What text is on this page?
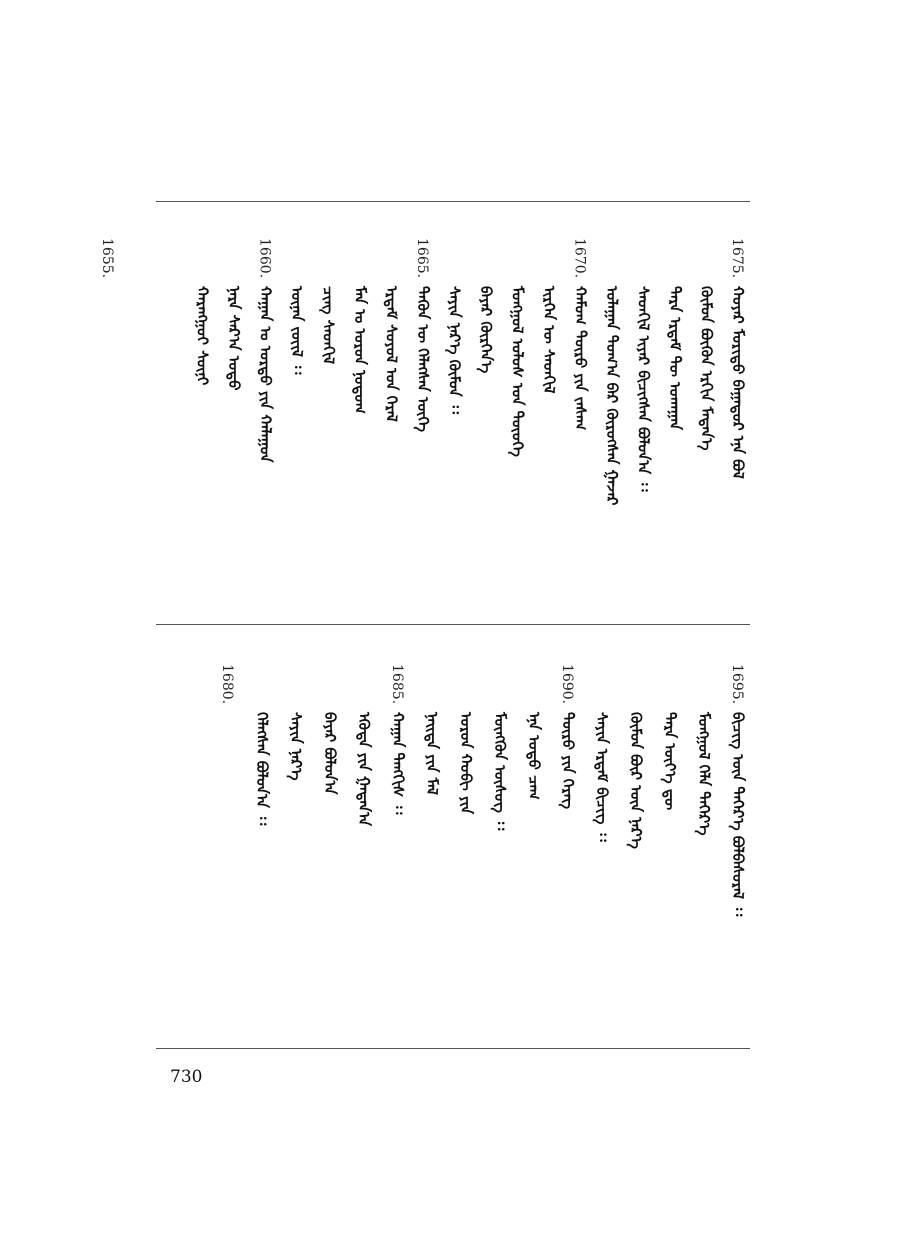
ᠬᠣᠶᠠᠷ ᠮᠣᠷᠢᠲᠤ ᠪᠠᠭᠠᠲᠤᠷ ᠡᠨᠡ ᠪᠣᠯ
ᠬᠦᠮᠦᠨ ᠪᠦᠬᠦᠨ ᠡᠷᠭᠢᠨ ᠮᠡᠳᠡᠨ᠎ᠡ
ᠲᠡᠷᠡ ᠡᠷᠳᠡᠮ ᠲᠦ ᠤᠬᠠᠭᠠᠨ
ᠰᠡᠳᠬᠢᠯ ᠢᠶᠡᠷ ᠪᠢᠴᠢᠭᠰᠡᠨ ᠪᠣᠯᠣᠨ᠎ᠠ ᠄᠄
ᠤᠯᠠᠭᠠᠨ ᠲᠣᠭ᠎ᠠ ᠪᠡᠷ ᠬᠦᠷᠦᠭᠰᠡᠨ ᠭᠠᠵᠠᠷ
ᠬᠠᠮᠤᠭ ᠲᠥᠷᠥ ᠶᠢᠨ ᠵᠠᠰᠠᠭ
ᠢᠷᠭᠡᠨ ᠦ ᠰᠡᠳᠬᠢᠯ
ᠮᠣᠩᠭᠣᠯ ᠤᠯᠤᠰ ᠤᠨ ᠲᠦᠦᠬᠡ
ᠪᠠᠶᠠᠷ ᠬᠦᠷᠭᠡᠨ᠎ᠡ
ᠰᠠᠶᠢᠨ ᠨᠡᠷ᠎ᠡ ᠬᠦᠮᠦᠨ ᠄᠄
ᠲᠡᠭᠦᠨ ᠦ ᠬᠡᠯᠡᠭᠰᠡᠨ ᠦᠭᠡ
ᠡᠷᠳᠡᠮ ᠰᠣᠶᠣᠯ ᠤᠨ ᠭᠡᠷᠡᠯ
ᠮᠠᠨ ᠤ ᠣᠷᠣᠨ ᠨᠤᠲᠤᠭ
ᠴᠢᠩ ᠰᠡᠳᠬᠢᠯ
ᠦᠨᠡᠨ ᠵᠦᠢᠯ ᠄᠄
ᠬᠠᠭᠠᠨ ᠤ ᠣᠷᠳᠣ ᠶᠢᠨ ᠬᠠᠯᠠᠭᠤᠨ
ᠨᠠᠷᠠ ᠰᠠᠷ᠎ᠠ ᠣᠳᠣ
ᠬᠠᠷᠠᠩᠭᠤᠢ ᠰᠥᠨᠢ
1675.
1670.
1665.
1660.
1655.
ᠪᠢᠴᠢᠭ᠌ ᠦᠨ ᠳᠡᠭᠡᠷ᠎ᠡ ᠪᠣᠯᠪᠠᠰᠤᠷᠠᠯ ᠄᠄
ᠮᠣᠩᠭᠣᠯ ᠬᠡᠯᠡ ᠳᠡᠭᠡᠷ᠎ᠡ
ᠲᠡᠷᠡ ᠦᠶ᠎ᠡ ᠳᠦ
ᠬᠦᠮᠦᠨ ᠪᠦᠷ ᠦᠨ ᠨᠡᠷ᠎ᠡ
ᠰᠠᠶᠢᠨ ᠡᠷᠳᠡᠮ ᠪᠢᠴᠢᠭ᠌ ᠄᠄
ᠲᠦᠷᠦ ᠶᠢᠨ ᠬᠡᠷᠡᠭ
ᠡᠨᠡ ᠣᠳᠣ ᠴᠠᠭ
ᠮᠥᠩᠭᠦᠨ ᠦᠰᠦᠭ ᠄᠄
ᠣᠷᠣᠨ ᠬᠤᠪᠢ ᠶᠢᠨ
ᠨᠡᠢᠲᠡ ᠶᠢᠨ ᠮᠠᠯ
ᠬᠠᠭᠠᠨ ᠲᠡᠩᠭᠢᠰ ᠄᠄
ᠡᠭᠦᠳᠡ ᠶᠢᠨ ᠭᠠᠳᠠᠨ᠎ᠠ
ᠪᠠᠶᠠᠷ ᠪᠣᠯᠣᠨ᠎ᠠ
ᠰᠠᠶᠢᠨ ᠨᠡᠷ᠎ᠡ
ᠬᠡᠯᠡᠭᠰᠡᠨ ᠪᠣᠯᠣᠨ᠎ᠠ ᠄᠄
1695.
1690.
1685.
1680.
730
